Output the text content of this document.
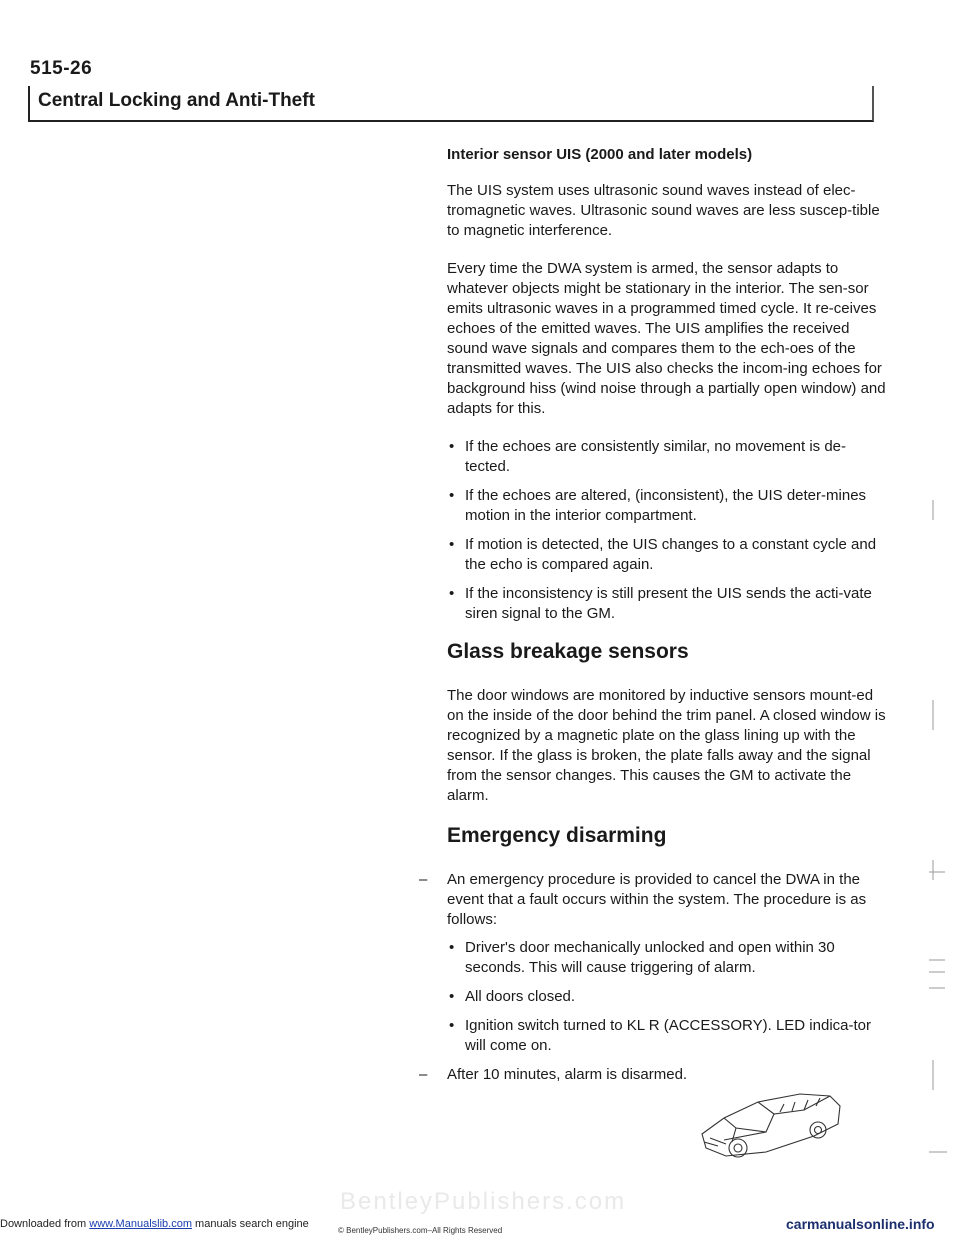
515-26
Central Locking and Anti-Theft
Interior sensor UIS (2000 and later models)

The UIS system uses ultrasonic sound waves instead of elec-tromagnetic waves. Ultrasonic sound waves are less suscep-tible to magnetic interference.

Every time the DWA system is armed, the sensor adapts to whatever objects might be stationary in the interior. The sen-sor emits ultrasonic waves in a programmed timed cycle. It re-ceives echoes of the emitted waves. The UIS amplifies the received sound wave signals and compares them to the ech-oes of the transmitted waves. The UIS also checks the incom-ing echoes for background hiss (wind noise through a partially open window) and adapts for this.

• If the echoes are consistently similar, no movement is de-tected.
• If the echoes are altered, (inconsistent), the UIS deter-mines motion in the interior compartment.
• If motion is detected, the UIS changes to a constant cycle and the echo is compared again.
• If the inconsistency is still present the UIS sends the acti-vate siren signal to the GM.
Glass breakage sensors

The door windows are monitored by inductive sensors mount-ed on the inside of the door behind the trim panel. A closed window is recognized by a magnetic plate on the glass lining up with the sensor. If the glass is broken, the plate falls away and the signal from the sensor changes. This causes the GM to activate the alarm.

Emergency disarming
– An emergency procedure is provided to cancel the DWA in the event that a fault occurs within the system. The procedure is as follows:
• Driver's door mechanically unlocked and open within 30 seconds. This will cause triggering of alarm.
• All doors closed.
• Ignition switch turned to KL R (ACCESSORY). LED indica-tor will come on.
– After 10 minutes, alarm is disarmed.
BentleyPublishers.com
Downloaded from www.Manualslib.com manuals search engine
© BentleyPublishers.com–All Rights Reserved	carmanualsonline.info
